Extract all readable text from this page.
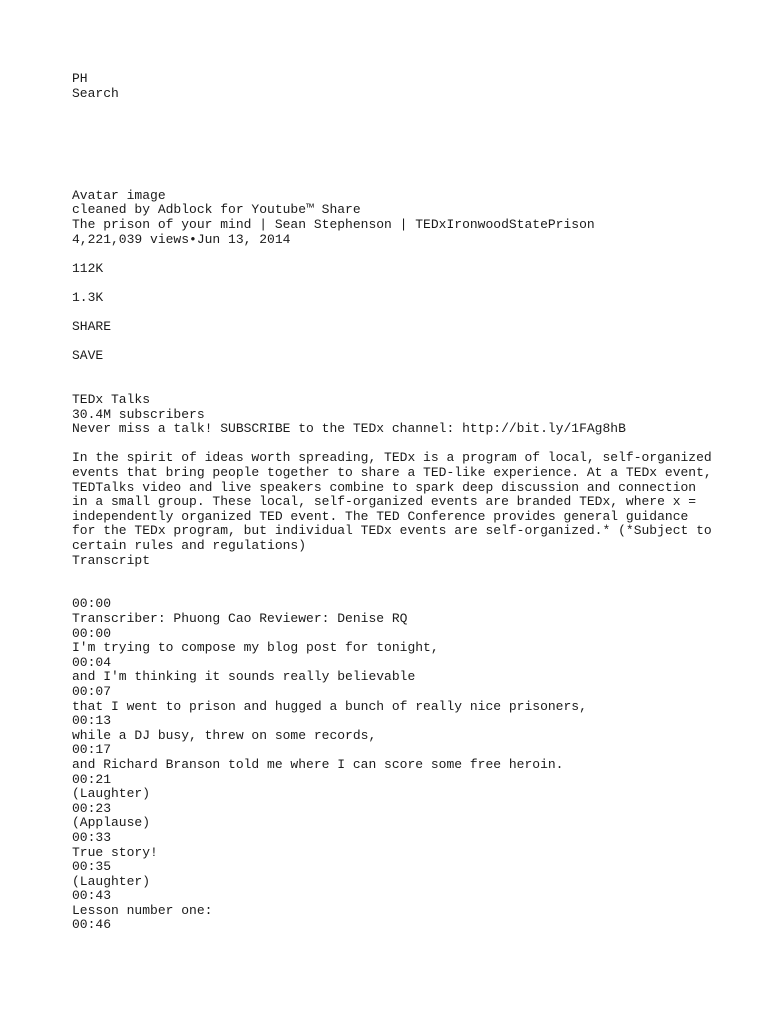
PH
Search
Avatar image
cleaned by Adblock for Youtube™ Share
The prison of your mind | Sean Stephenson | TEDxIronwoodStatePrison
4,221,039 views•Jun 13, 2014
112K
1.3K
SHARE
SAVE
TEDx Talks
30.4M subscribers
Never miss a talk! SUBSCRIBE to the TEDx channel: http://bit.ly/1FAg8hB
In the spirit of ideas worth spreading, TEDx is a program of local, self-organized events that bring people together to share a TED-like experience. At a TEDx event, TEDTalks video and live speakers combine to spark deep discussion and connection in a small group. These local, self-organized events are branded TEDx, where x = independently organized TED event. The TED Conference provides general guidance for the TEDx program, but individual TEDx events are self-organized.* (*Subject to certain rules and regulations)
Transcript
00:00
Transcriber: Phuong Cao Reviewer: Denise RQ
00:00
I'm trying to compose my blog post for tonight,
00:04
and I'm thinking it sounds really believable
00:07
that I went to prison and hugged a bunch of really nice prisoners,
00:13
while a DJ busy, threw on some records,
00:17
and Richard Branson told me where I can score some free heroin.
00:21
(Laughter)
00:23
(Applause)
00:33
True story!
00:35
(Laughter)
00:43
Lesson number one:
00:46
